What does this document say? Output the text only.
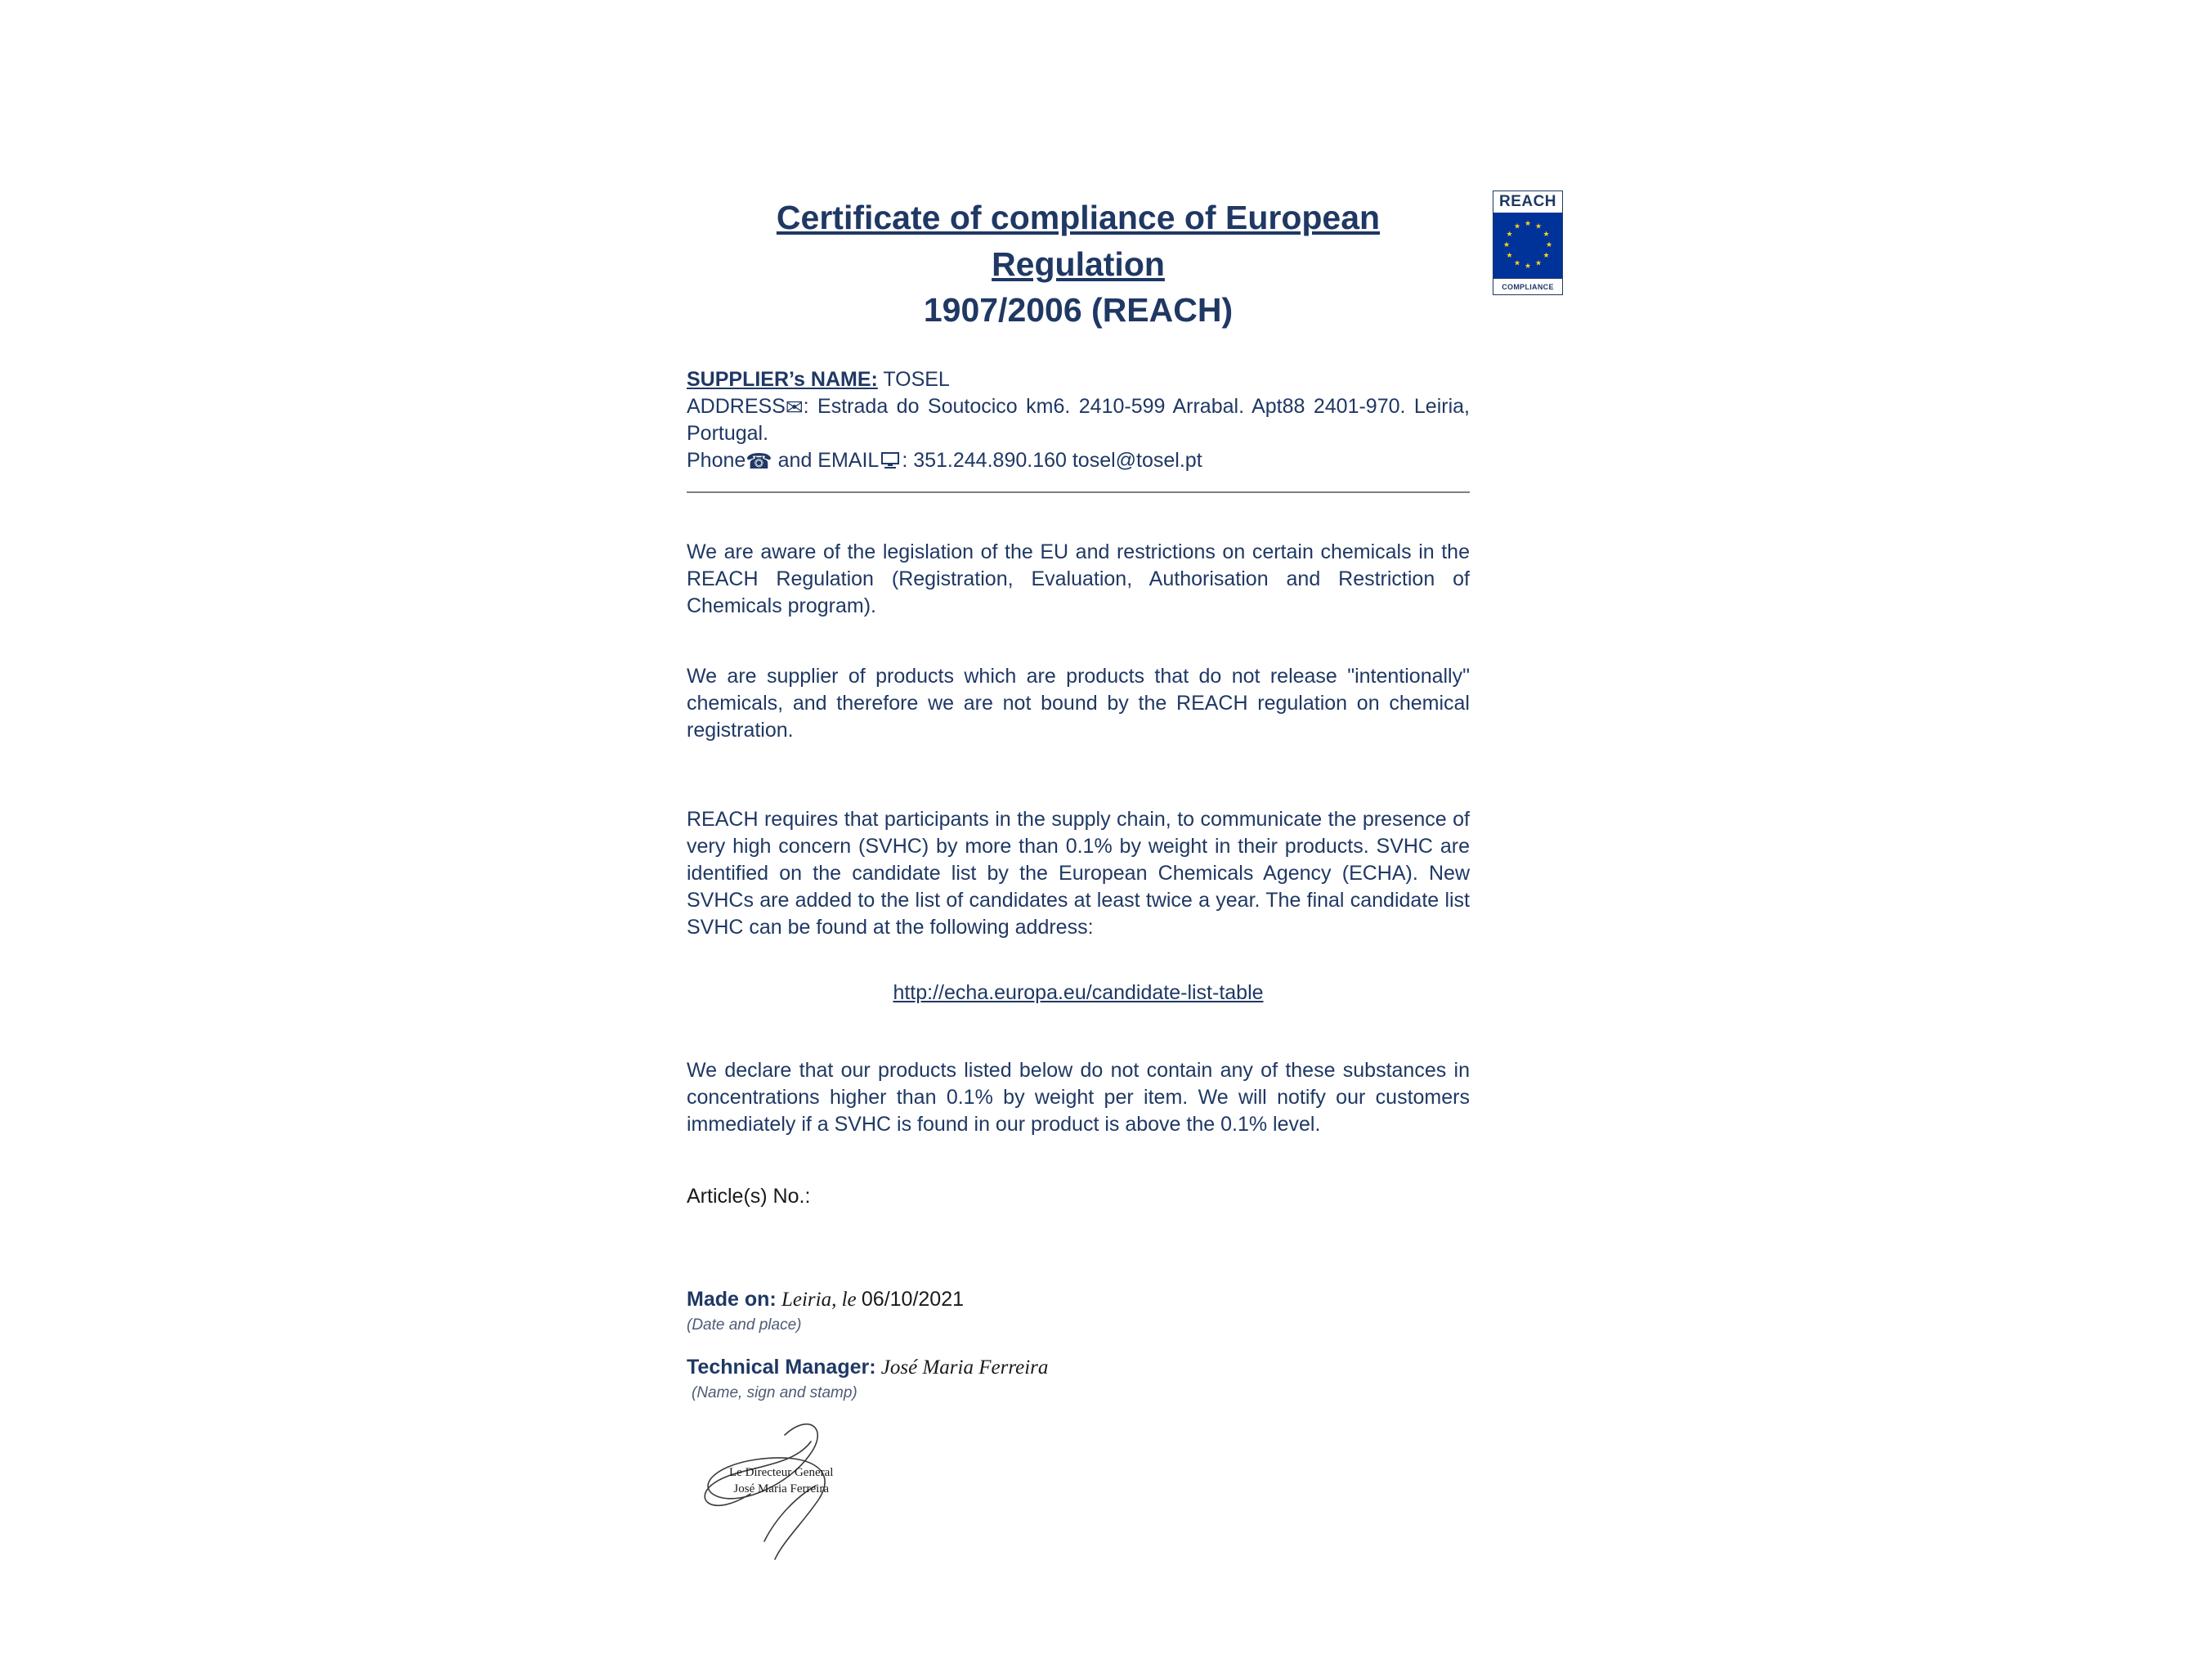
REACH
★ ★
★
★
★
★
★
★
★
★
★
★
COMPLIANCE
Certificate of compliance of European Regulation
1907/2006 (REACH)

SUPPLIER’s NAME: TOSEL

ADDRESS✉: Estrada do Soutocico km6. 2410-599 Arrabal. Apt88 2401-970. Leiria, Portugal.

Phone☎ and EMAIL : 351.244.890.160 tosel@tosel.pt

We are aware of the legislation of the EU and restrictions on certain chemicals in the REACH Regulation (Registration, Evaluation, Authorisation and Restriction of Chemicals program).

We are supplier of products which are products that do not release "intentionally" chemicals, and therefore we are not bound by the REACH regulation on chemical registration.

REACH requires that participants in the supply chain, to communicate the presence of very high concern (SVHC) by more than 0.1% by weight in their products. SVHC are identified on the candidate list by the European Chemicals Agency (ECHA). New SVHCs are added to the list of candidates at least twice a year. The final candidate list SVHC can be found at the following address:

http://echa.europa.eu/candidate-list-table

We declare that our products listed below do not contain any of these substances in concentrations higher than 0.1% by weight per item. We will notify our customers immediately if a SVHC is found in our product is above the 0.1% level.

Article(s) No.:

Made on: Leiria, le 06/10/2021

(Date and place)

Technical Manager: José Maria Ferreira

(Name, sign and stamp)

Le Directeur General
José Maria Ferreira
